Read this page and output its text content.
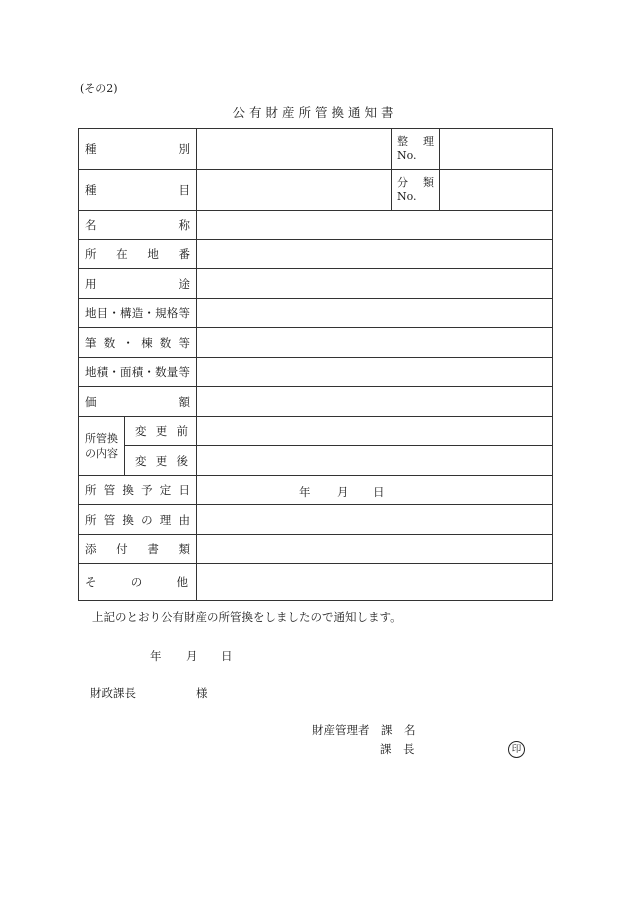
(その2)
公有財産所管換通知書
種　別			整 理
No.	
種　目			分 類
No.	
名　称				
所在地番				
用　途				
地目・構造・規格等				
筆数・棟数等				
地積・面積・数量等				
価　額				
所管換の内容	変更前			
	変更後			
所管換予定日		年 月 日		

所管換の理由				
添付書類				
その他				
上記のとおり公有財産の所管換をしましたので通知します。
年 月 日
財政課長	様
財産管理者　課　名
課　長	印
